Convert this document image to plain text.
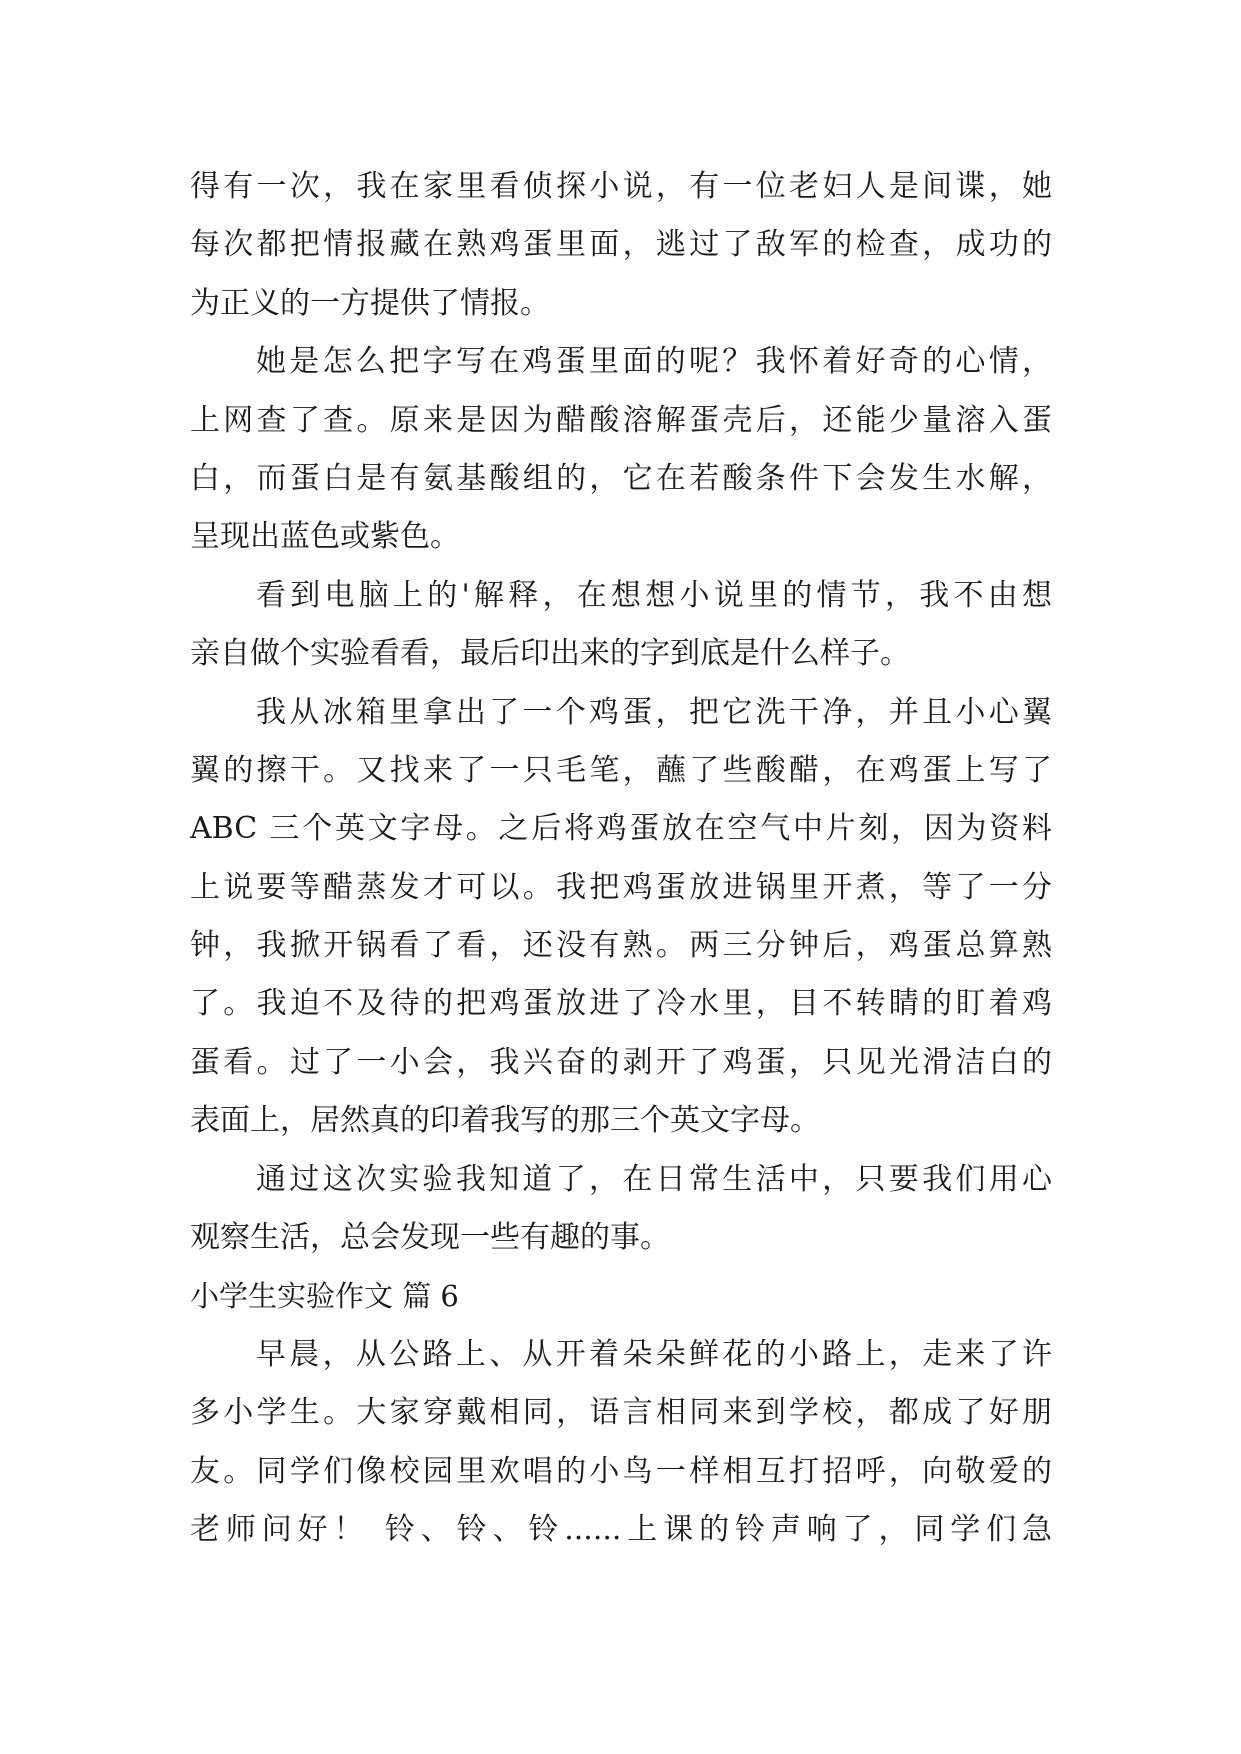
得有一次，我在家里看侦探小说，有一位老妇人是间谍，她
每次都把情报藏在熟鸡蛋里面，逃过了敌军的检查，成功的
为正义的一方提供了情报。
她是怎么把字写在鸡蛋里面的呢？我怀着好奇的心情，
上网查了查。原来是因为醋酸溶解蛋壳后，还能少量溶入蛋
白，而蛋白是有氨基酸组的，它在若酸条件下会发生水解，
呈现出蓝色或紫色。
看到电脑上的'解释，在想想小说里的情节，我不由想
亲自做个实验看看，最后印出来的字到底是什么样子。
我从冰箱里拿出了一个鸡蛋，把它洗干净，并且小心翼
翼的擦干。又找来了一只毛笔，蘸了些酸醋，在鸡蛋上写了
ABC 三个英文字母。之后将鸡蛋放在空气中片刻，因为资料
上说要等醋蒸发才可以。我把鸡蛋放进锅里开煮，等了一分
钟，我掀开锅看了看，还没有熟。两三分钟后，鸡蛋总算熟
了。我迫不及待的把鸡蛋放进了冷水里，目不转睛的盯着鸡
蛋看。过了一小会，我兴奋的剥开了鸡蛋，只见光滑洁白的
表面上，居然真的印着我写的那三个英文字母。
通过这次实验我知道了，在日常生活中，只要我们用心
观察生活，总会发现一些有趣的事。
小学生实验作文 篇 6
早晨，从公路上、从开着朵朵鲜花的小路上，走来了许
多小学生。大家穿戴相同，语言相同来到学校，都成了好朋
友。同学们像校园里欢唱的小鸟一样相互打招呼，向敬爱的
老师问好！ 铃、铃、铃......上课的铃声响了，同学们急
